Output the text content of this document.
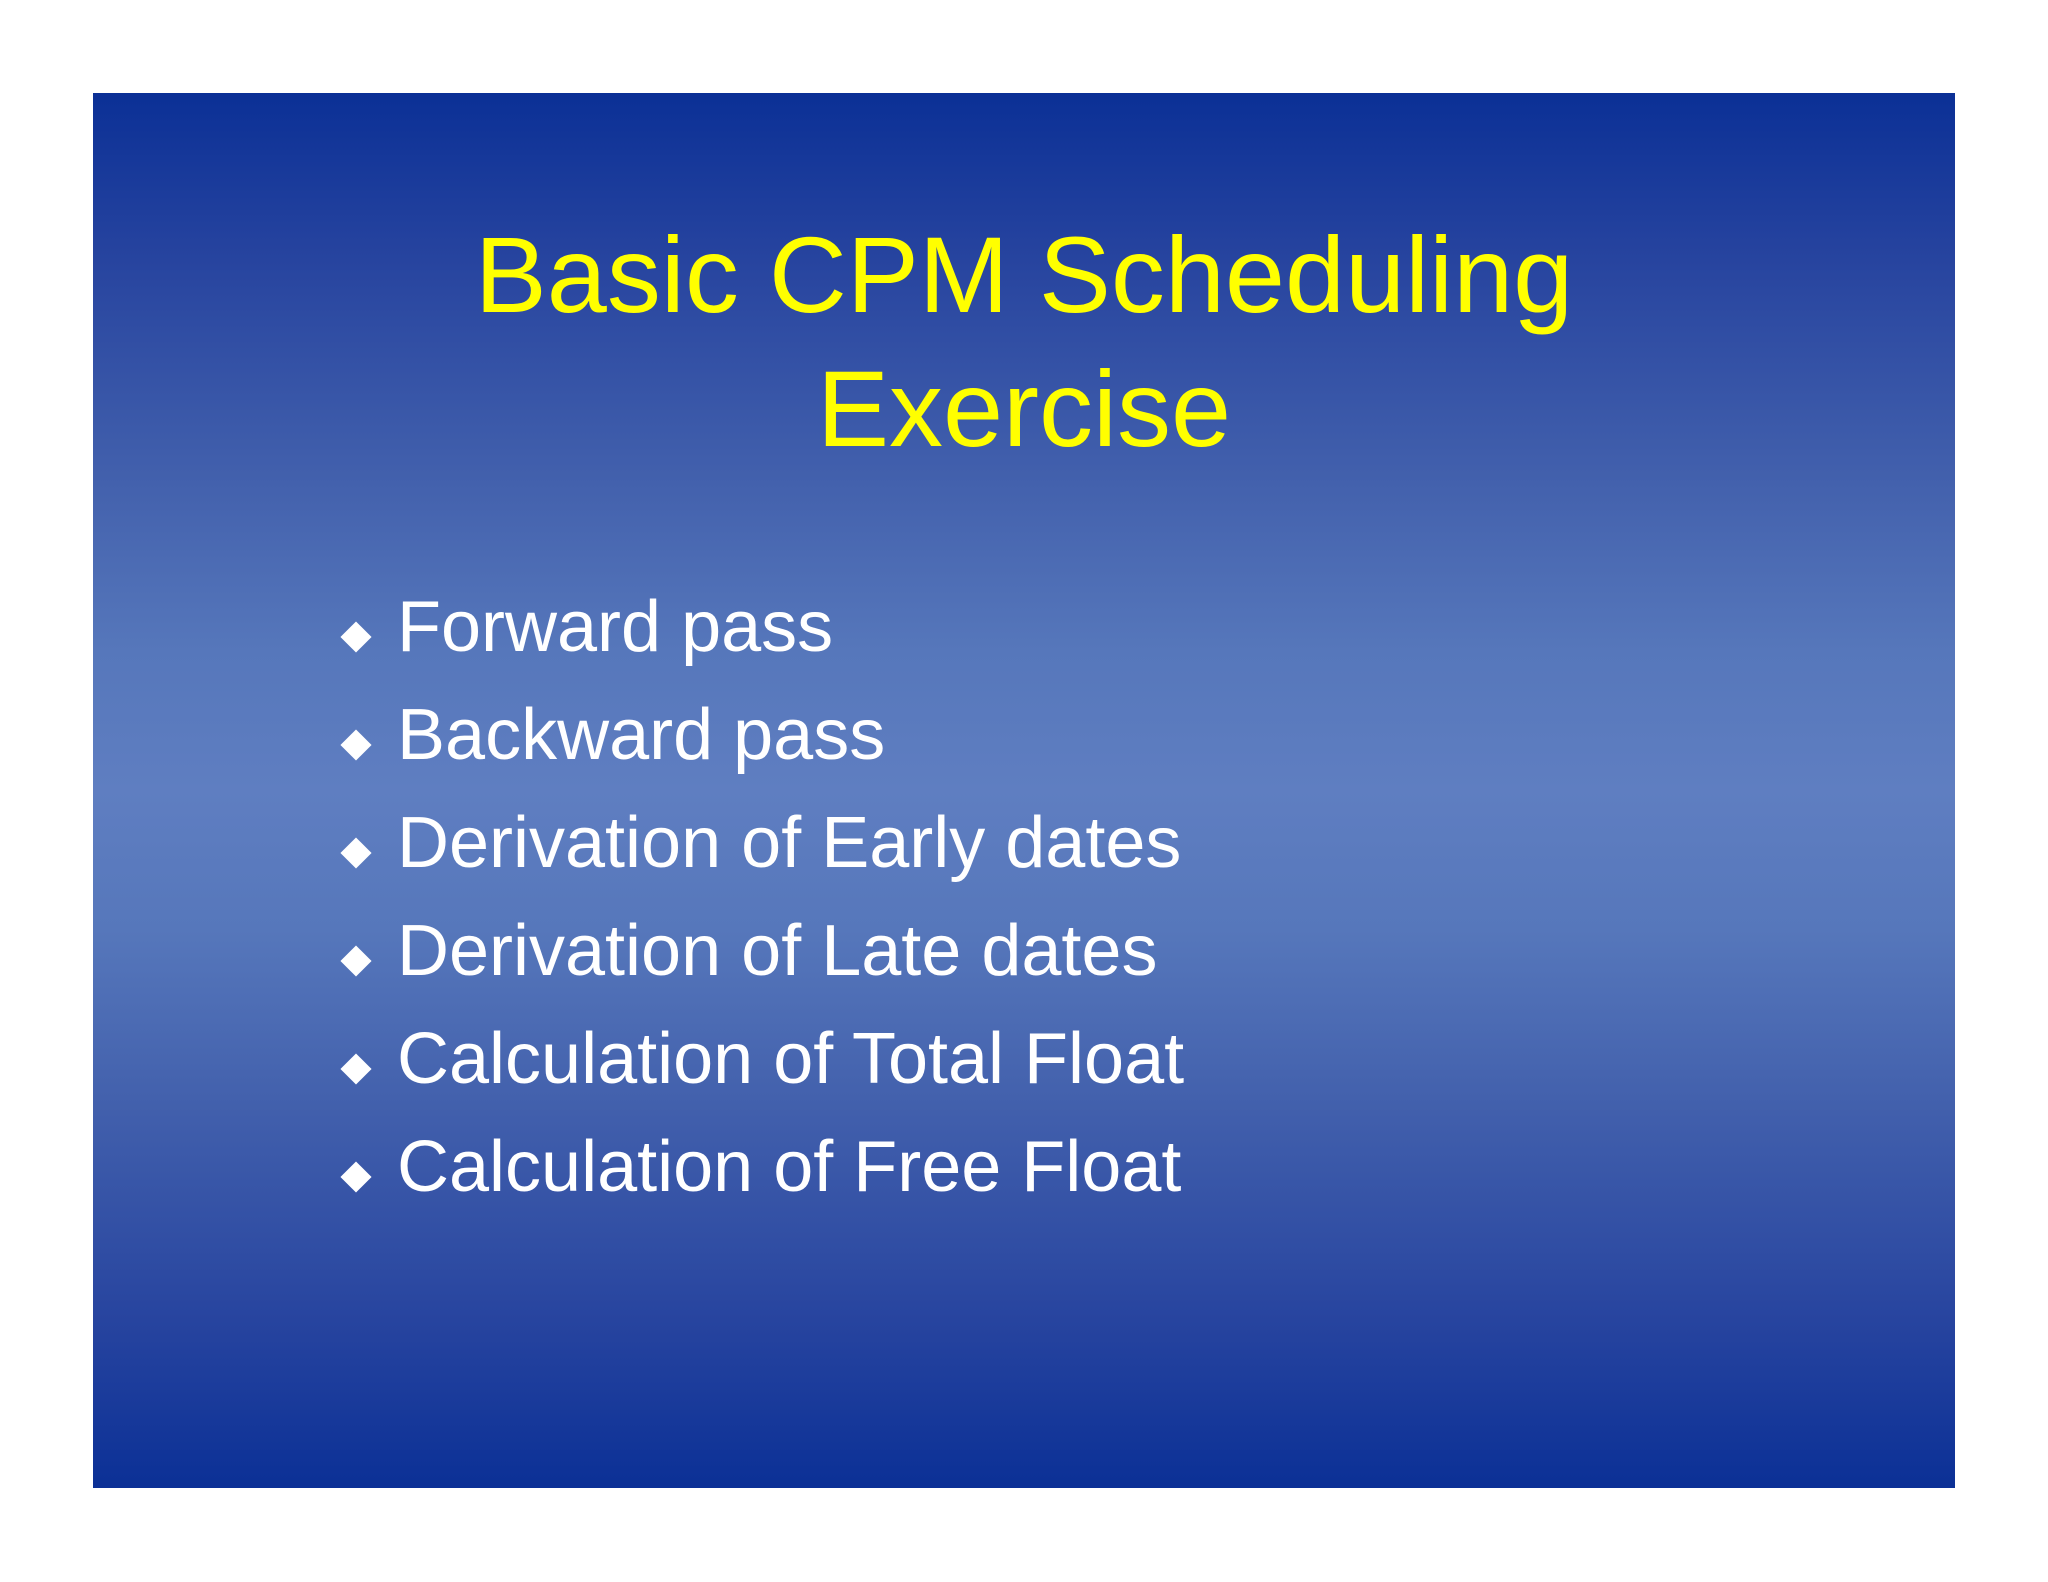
Basic CPM Scheduling
Exercise
Forward pass
Backward pass
Derivation of Early dates
Derivation of Late dates
Calculation of Total Float
Calculation of Free Float
